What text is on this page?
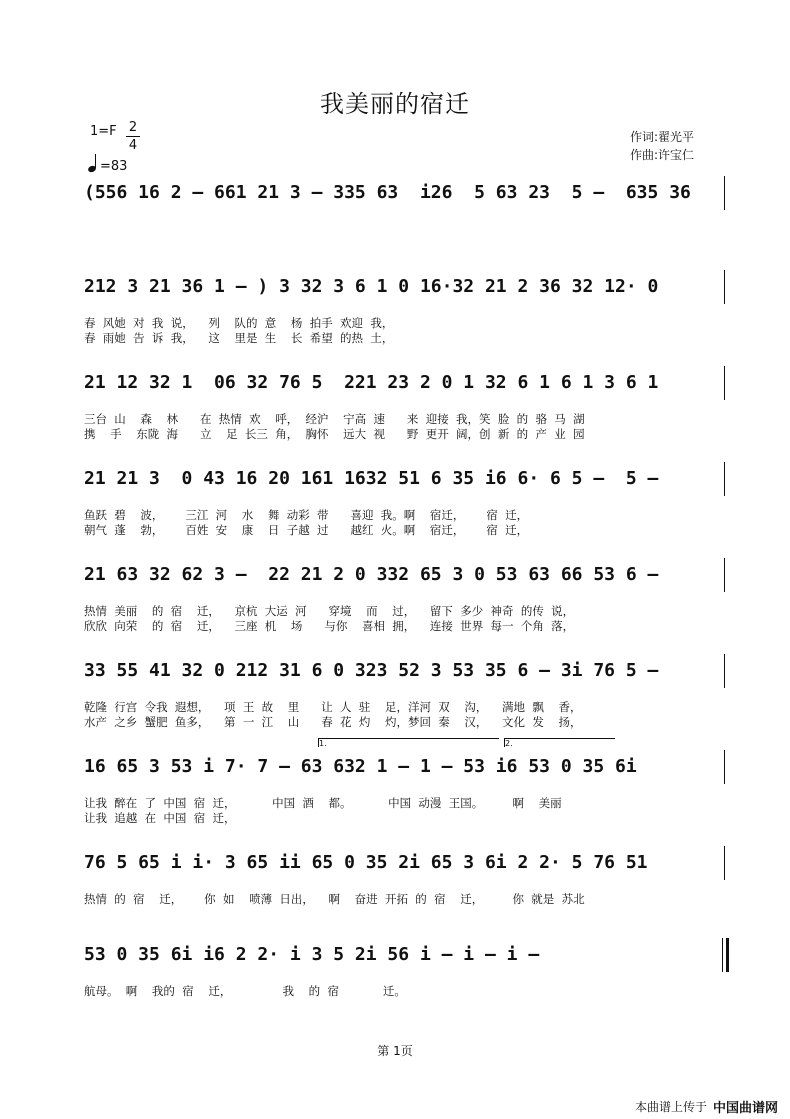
我美丽的宿迁
1=F 2
4
=83
作词:翟光平
作曲:许宝仁
(556 16 2 – 661 21 3 – 335 63  i26  5 63 23  5 –  635 36
212 3 21 36 1 – ) 3 32 3 6 1 0 16·32 21 2 36 32 12· 0
春  风她  对  我  说，    列    队的  意    杨  拍手  欢迎  我，
春  雨她  告  诉  我，    这    里是  生    长  希望  的热  土，
21 12 32 1  06 32 76 5  221 23 2 0 1 32 6 1 6 1 3 6 1
三台  山    森    林      在  热情  欢    呼，  经沪    宁高  速      来  迎接  我，笑  脸  的  骆  马  湖
携    手    东陇  海      立    足  长三  角，  胸怀    远大  视      野  更开  阔，创  新  的  产  业  园
21 21 3  0 43 16 20 161 1632 51 6 35 i6 6· 6 5 –  5 –
鱼跃  碧    波，      三江  河    水    舞  动彩  带      喜迎  我。啊    宿迁，      宿  迁，
朝气  蓬    勃，      百姓  安    康    日  子越  过      越红  火。啊    宿迁，      宿  迁，
21 63 32 62 3 –  22 21 2 0 332 65 3 0 53 63 66 53 6 –
热情  美丽    的  宿    迁，    京杭  大运  河      穿境    而    过，    留下  多少  神奇  的传  说，
欣欣  向荣    的  宿    迁，    三座  机    场      与你    喜相  拥，    连接  世界  每一  个角  落，
33 55 41 32 0 212 31 6 0 323 52 3 53 35 6 – 3i 76 5 –
乾隆  行宫  令我  遐想，    项  王  故    里      让  人  驻    足，洋河  双    沟，    满地  飘    香，
水产  之乡  蟹肥  鱼多，    第  一  江    山      春  花  灼    灼，梦回  秦    汉，    文化  发    扬，
16 65 3 53 i 7· 7 – 63 632 1 – 1 – 53 i6 53 0 35 6i
1.	2.
让我  醉在  了  中国  宿  迁，          中国  酒    都。          中国  动漫  王国。        啊    美丽
让我  追越  在  中国  宿  迁，
76 5 65 i i· 3 65 ii 65 0 35 2i 65 3 6i 2 2· 5 76 51
热情  的  宿    迁，      你  如    喷薄  日出，    啊    奋进  开拓  的  宿    迁，        你  就是  苏北
53 0 35 6i i6 2 2· i 3 5 2i 56 i – i – i –
航母。  啊    我的  宿    迁，              我    的  宿            迁。
第 1页
本曲谱上传于 中国曲谱网
